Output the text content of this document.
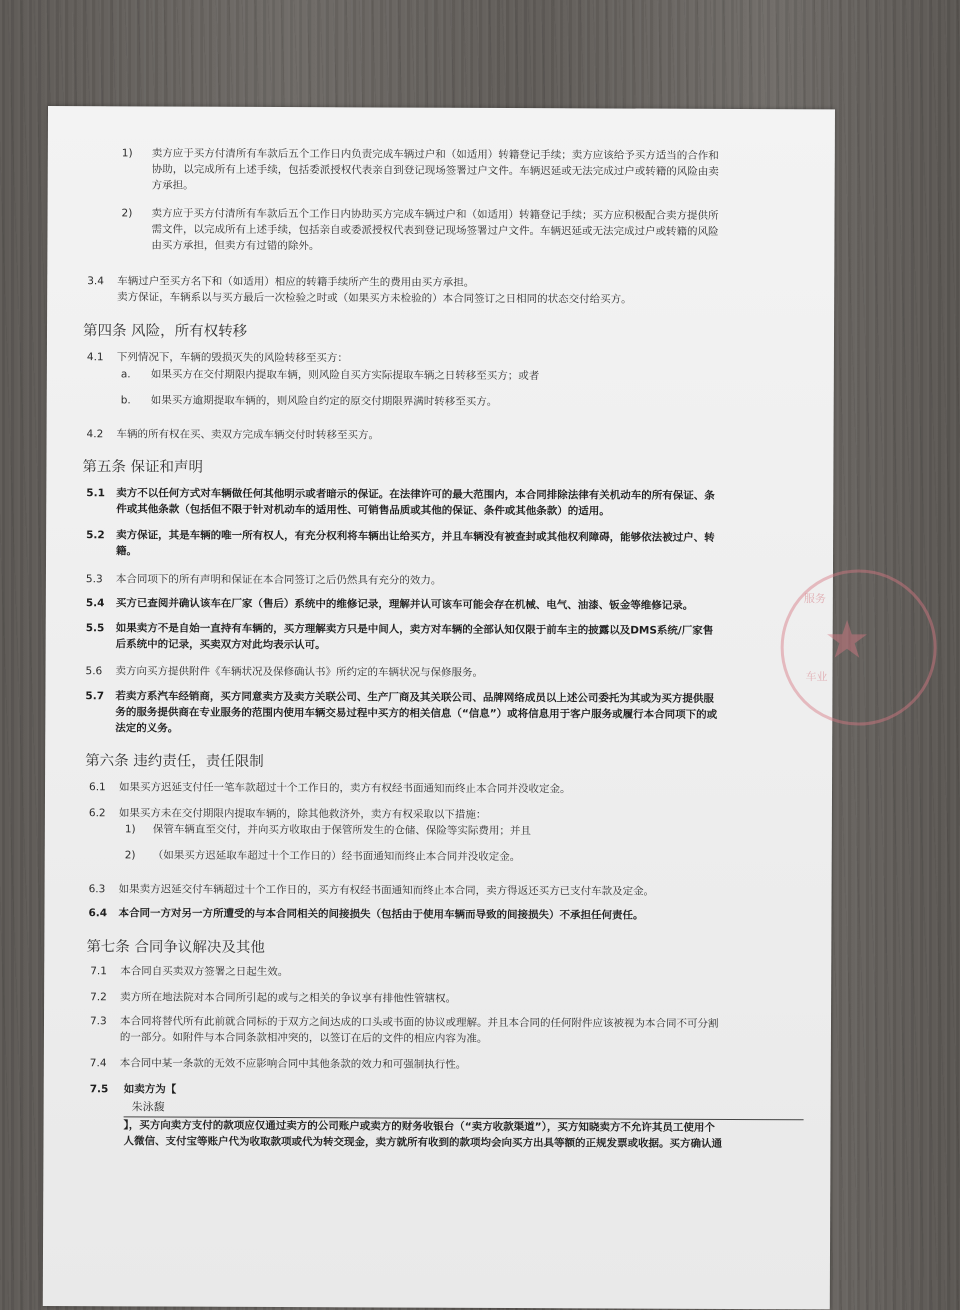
1) 卖方应于买方付清所有车款后五个工作日内负责完成车辆过户和（如适用）转籍登记手续；卖方应该给予买方适当的合作和
协助，以完成所有上述手续，包括委派授权代表亲自到登记现场签署过户文件。车辆迟延或无法完成过户或转籍的风险由卖
方承担。
2) 卖方应于买方付清所有车款后五个工作日内协助买方完成车辆过户和（如适用）转籍登记手续；买方应积极配合卖方提供所
需文件，以完成所有上述手续，包括亲自或委派授权代表到登记现场签署过户文件。车辆迟延或无法完成过户或转籍的风险
由买方承担，但卖方有过错的除外。
3.4 车辆过户至买方名下和（如适用）相应的转籍手续所产生的费用由买方承担。
卖方保证，车辆系以与买方最后一次检验之时或（如果买方未检验的）本合同签订之日相同的状态交付给买方。
第四条 风险，所有权转移
4.1 下列情况下，车辆的毁损灭失的风险转移至买方：
a. 如果买方在交付期限内提取车辆，则风险自买方实际提取车辆之日转移至买方；或者
b. 如果买方逾期提取车辆的，则风险自约定的原交付期限界满时转移至买方。
4.2 车辆的所有权在买、卖双方完成车辆交付时转移至买方。
第五条 保证和声明
5.1 卖方不以任何方式对车辆做任何其他明示或者暗示的保证。在法律许可的最大范围内，本合同排除法律有关机动车的所有保证、条
件或其他条款（包括但不限于针对机动车的适用性、可销售品质或其他的保证、条件或其他条款）的适用。
5.2 卖方保证，其是车辆的唯一所有权人，有充分权利将车辆出让给买方，并且车辆没有被查封或其他权利障碍，能够依法被过户、转
籍。
5.3 本合同项下的所有声明和保证在本合同签订之后仍然具有充分的效力。
5.4 买方已查阅并确认该车在厂家（售后）系统中的维修记录，理解并认可该车可能会存在机械、电气、油漆、钣金等维修记录。
5.5 如果卖方不是自始一直持有车辆的，买方理解卖方只是中间人，卖方对车辆的全部认知仅限于前车主的披露以及DMS系统/厂家售
后系统中的记录，买卖双方对此均表示认可。
5.6 卖方向买方提供附件《车辆状况及保修确认书》所约定的车辆状况与保修服务。
5.7 若卖方系汽车经销商，买方同意卖方及卖方关联公司、生产厂商及其关联公司、品牌网络成员以上述公司委托为其或为买方提供服
务的服务提供商在专业服务的范围内使用车辆交易过程中买方的相关信息（“信息”）或将信息用于客户服务或履行本合同项下的或
法定的义务。
第六条 违约责任，责任限制
6.1 如果买方迟延支付任一笔车款超过十个工作日的，卖方有权经书面通知而终止本合同并没收定金。
6.2 如果买方未在交付期限内提取车辆的，除其他救济外，卖方有权采取以下措施：
1) 保管车辆直至交付，并向买方收取由于保管所发生的仓储、保险等实际费用；并且
2) （如果买方迟延取车超过十个工作日的）经书面通知而终止本合同并没收定金。
6.3 如果卖方迟延交付车辆超过十个工作日的，买方有权经书面通知而终止本合同，卖方得返还买方已支付车款及定金。
6.4 本合同一方对另一方所遭受的与本合同相关的间接损失（包括由于使用车辆而导致的间接损失）不承担任何责任。
第七条 合同争议解决及其他
7.1 本合同自买卖双方签署之日起生效。
7.2 卖方所在地法院对本合同所引起的或与之相关的争议享有排他性管辖权。
7.3 本合同将替代所有此前就合同标的于双方之间达成的口头或书面的协议或理解。并且本合同的任何附件应该被视为本合同不可分割
的一部分。如附件与本合同条款相冲突的，以签订在后的文件的相应内容为准。
7.4 本合同中某一条款的无效不应影响合同中其他条款的效力和可强制执行性。
7.5 如卖方为【
朱泳馥
】，买方向卖方支付的款项应仅通过卖方的公司账户或卖方的财务收银台（“卖方收款渠道”），买方知晓卖方不允许其员工使用个
人微信、支付宝等账户代为收取款项或代为转交现金，卖方就所有收到的款项均会向买方出具等额的正规发票或收据。买方确认通
★
车业
服务
